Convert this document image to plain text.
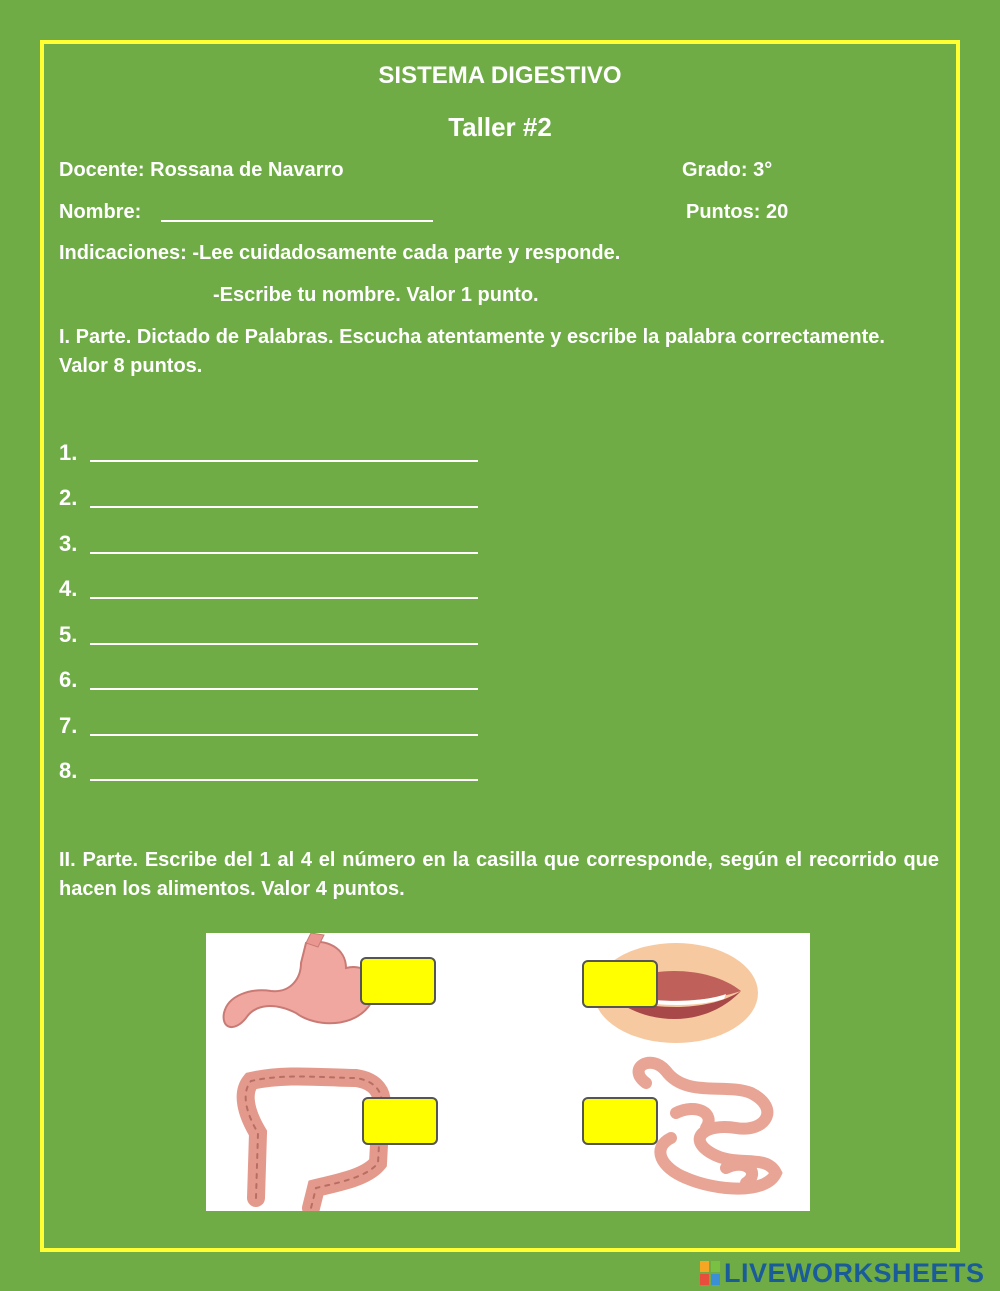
SISTEMA DIGESTIVO
Taller #2
Docente: Rossana de Navarro	Grado: 3°
Nombre:	Puntos: 20
Indicaciones: -Lee cuidadosamente cada parte y responde.
-Escribe tu nombre. Valor 1 punto.
I. Parte. Dictado de Palabras. Escucha atentamente y escribe la palabra correctamente. Valor 8 puntos.
1.
2.
3.
4.
5.
6.
7.
8.
II. Parte. Escribe del 1 al 4 el número en la casilla que corresponde, según el recorrido que hacen los alimentos. Valor 4 puntos.
LIVEWORKSHEETS
